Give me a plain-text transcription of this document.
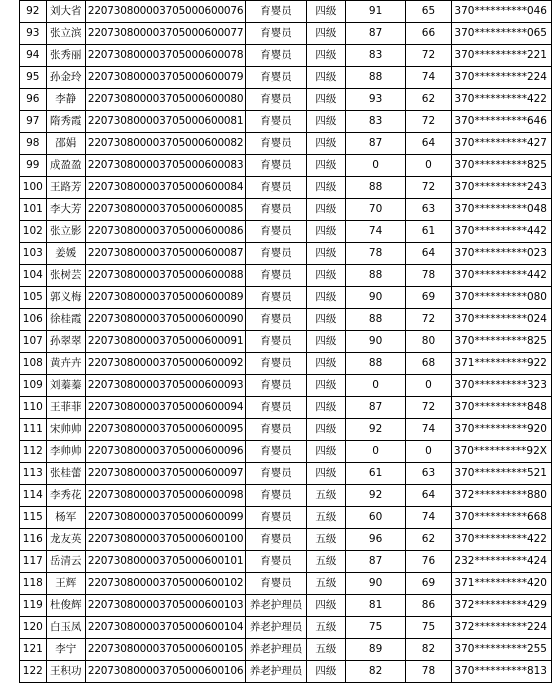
92	刘大省	220730800003705000600076	育婴员	四级	91	65	370**********046
93	张立滨	220730800003705000600077	育婴员	四级	87	66	370**********065
94	张秀丽	220730800003705000600078	育婴员	四级	83	72	370**********221
95	孙金玲	220730800003705000600079	育婴员	四级	88	74	370**********224
96	李静	220730800003705000600080	育婴员	四级	93	62	370**********422
97	隋秀霞	220730800003705000600081	育婴员	四级	83	72	370**********646
98	邵娟	220730800003705000600082	育婴员	四级	87	64	370**********427
99	成盈盈	220730800003705000600083	育婴员	四级	0	0	370**********825
100	王路芳	220730800003705000600084	育婴员	四级	88	72	370**********243
101	李大芳	220730800003705000600085	育婴员	四级	70	63	370**********048
102	张立影	220730800003705000600086	育婴员	四级	74	61	370**********442
103	姜媛	220730800003705000600087	育婴员	四级	78	64	370**********023
104	张树芸	220730800003705000600088	育婴员	四级	88	78	370**********442
105	郭义梅	220730800003705000600089	育婴员	四级	90	69	370**********080
106	徐桂霞	220730800003705000600090	育婴员	四级	88	72	370**********024
107	孙翠翠	220730800003705000600091	育婴员	四级	90	80	370**********825
108	黄卉卉	220730800003705000600092	育婴员	四级	88	68	371**********922
109	刘蓁蓁	220730800003705000600093	育婴员	四级	0	0	370**********323
110	王菲菲	220730800003705000600094	育婴员	四级	87	72	370**********848
111	宋帅帅	220730800003705000600095	育婴员	四级	92	74	370**********920
112	李帅帅	220730800003705000600096	育婴员	四级	0	0	370**********92X
113	张桂蕾	220730800003705000600097	育婴员	四级	61	63	370**********521
114	李秀花	220730800003705000600098	育婴员	五级	92	64	372**********880
115	杨军	220730800003705000600099	育婴员	五级	60	74	370**********668
116	龙友英	220730800003705000600100	育婴员	五级	96	62	370**********422
117	岳清云	220730800003705000600101	育婴员	五级	87	76	232**********424
118	王辉	220730800003705000600102	育婴员	五级	90	69	371**********420
119	杜俊辉	220730800003705000600103	养老护理员	四级	81	86	372**********429
120	白玉凤	220730800003705000600104	养老护理员	五级	75	75	372**********224
121	李宁	220730800003705000600105	养老护理员	五级	89	82	370**********255
122	王积功	220730800003705000600106	养老护理员	四级	82	78	370**********813
